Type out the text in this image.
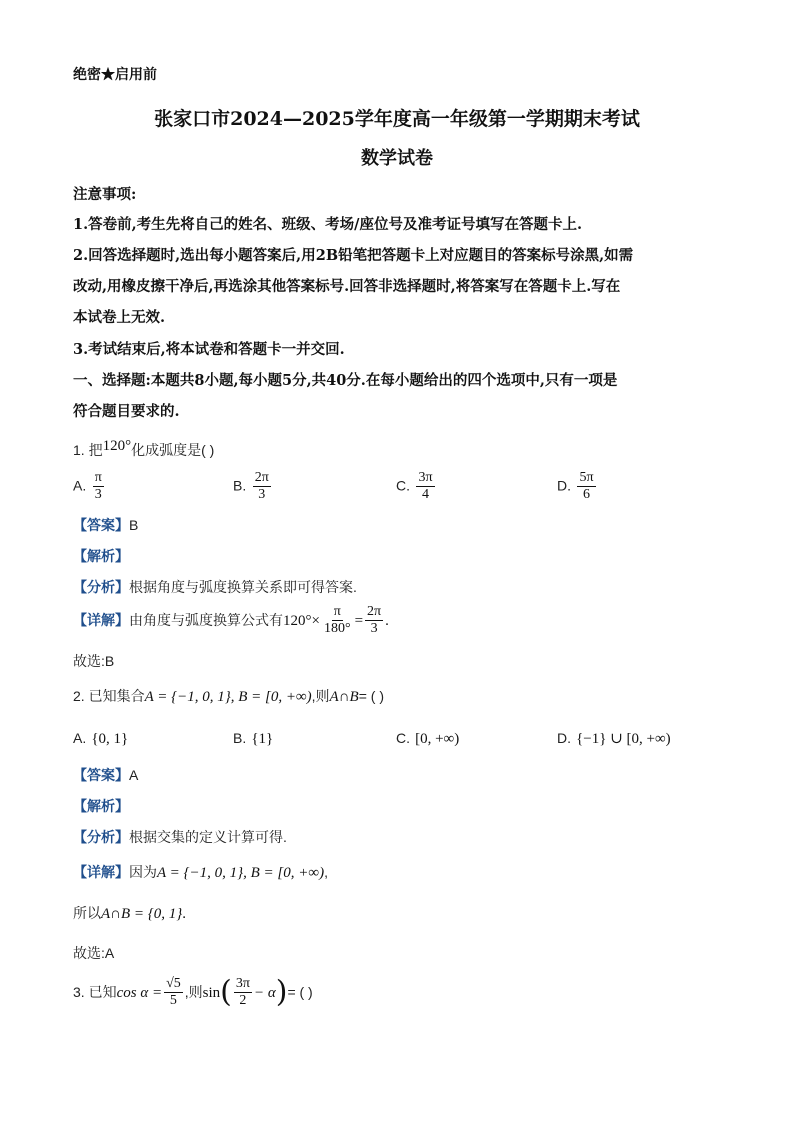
绝密★启用前
张家口市2024—2025学年度高一年级第一学期期末考试
数学试卷
注意事项:
1.答卷前,考生先将自己的姓名、班级、考场/座位号及准考证号填写在答题卡上.
2.回答选择题时,选出每小题答案后,用2B铅笔把答题卡上对应题目的答案标号涂黑,如需
改动,用橡皮擦干净后,再选涂其他答案标号.回答非选择题时,将答案写在答题卡上.写在
本试卷上无效.
3.考试结束后,将本试卷和答题卡一并交回.
一、选择题:本题共8小题,每小题5分,共40分.在每小题给出的四个选项中,只有一项是
符合题目要求的.
1. 把120°化成弧度是( )
A. $\frac{\pi}{3}$	B. $\frac{2\pi}{3}$	C. $\frac{3\pi}{4}$	D. $\frac{5\pi}{6}$
【答案】B
【解析】
【分析】根据角度与弧度换算关系即可得答案.
【详解】由角度与弧度换算公式有$120^\circ\times \frac{\pi}{180^\circ} = \frac{2\pi}{3}$ .
故选:B
2. 已知集合A = {−1, 0, 1}, B = [0, +∞),则A∩B= ( )
A. {0, 1}	B. {1}	C. [0, +∞)	D. {−1} ∪ [0, +∞)
【答案】A
【解析】
【分析】根据交集的定义计算可得.
【详解】因为A = {−1, 0, 1}, B = [0, +∞),
所以A∩B = {0, 1}.
故选:A
3. 已知$\cos \alpha = \frac{√5}{5}$ ,则$\sin( \frac{3\pi}{2} - \alpha)=$ ( )
